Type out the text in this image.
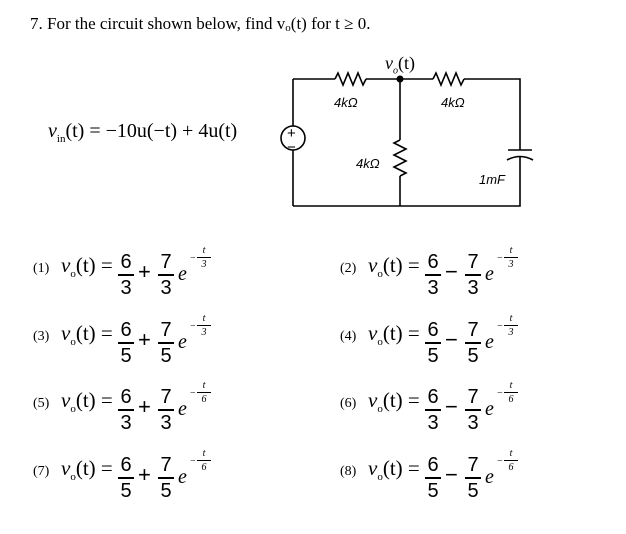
7. For the circuit shown below, find vo(t) for t ≥ 0.
+
−
$v_o(t)$
4kΩ	4kΩ
4kΩ
1mF
$v_{in}(t) = -10u(-t) + 4u(t)$
(1) $v_o(t) = 6$
3
+ 7
3
e
−
t
3	(2) $v_o(t) = 6$
3
− 7
3
e
−
t
3
(3) $v_o(t) = 6$
5
+ 7
5
e
−
t
3	(4) $v_o(t) = 6$
5
− 7
5
e
−
t
3
(5) $v_o(t) = 6$
3
+ 7
3
e
−
t
6	(6) $v_o(t) = 6$
3
− 7
3
e
−
t
6
(7) $v_o(t) = 6$
5
+ 7
5
e
−
t
6	(8) $v_o(t) = 6$
5
− 7
5
e
−
t
6
